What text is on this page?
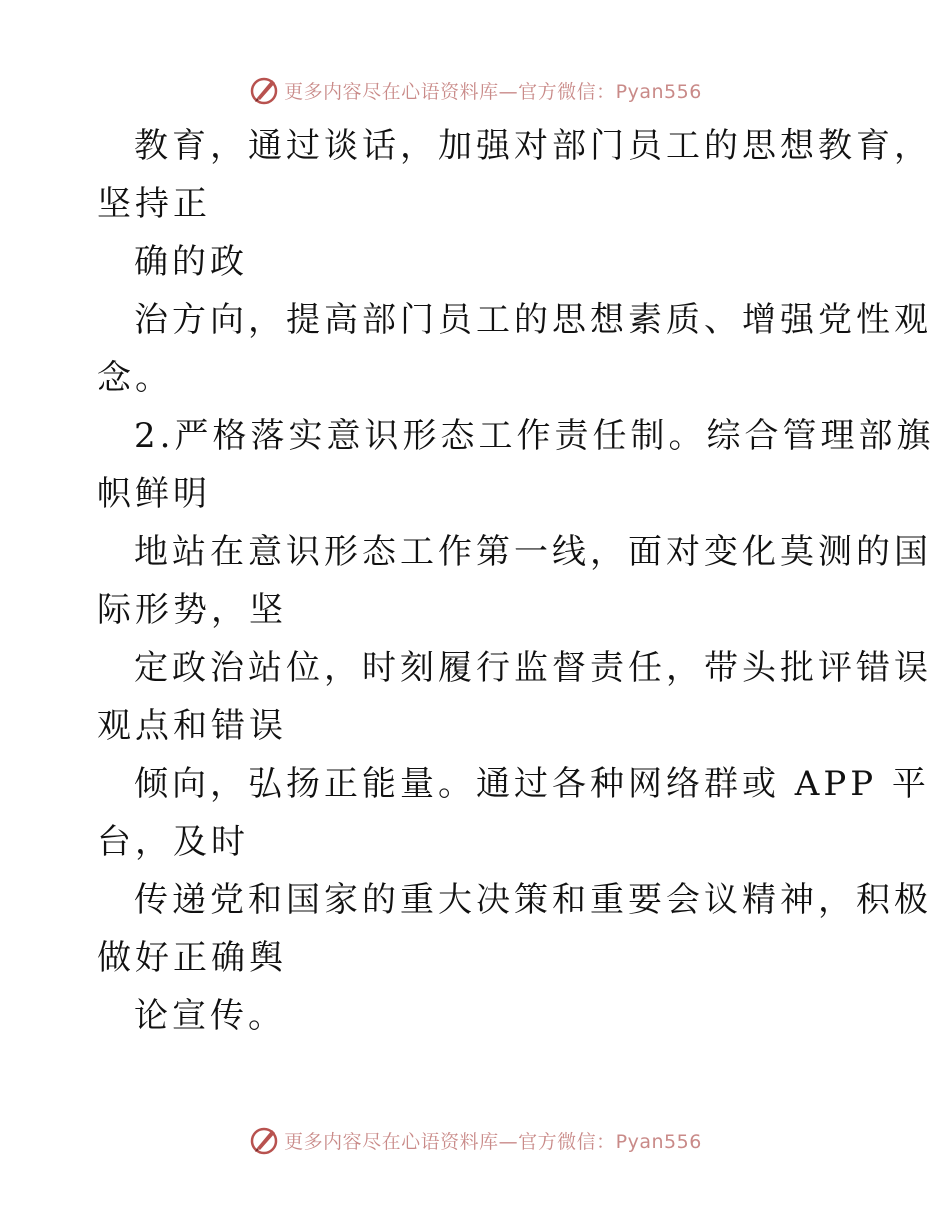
更多内容尽在心语资料库—官方微信：Pyan556
教育，通过谈话，加强对部门员工的思想教育，
坚持正
确的政
治方向，提高部门员工的思想素质、增强党性观
念。
2.严格落实意识形态工作责任制。综合管理部旗
帜鲜明
地站在意识形态工作第一线，面对变化莫测的国
际形势，坚
定政治站位，时刻履行监督责任，带头批评错误
观点和错误
倾向，弘扬正能量。通过各种网络群或 APP 平
台，及时
传递党和国家的重大决策和重要会议精神，积极
做好正确舆
论宣传。
更多内容尽在心语资料库—官方微信：Pyan556
